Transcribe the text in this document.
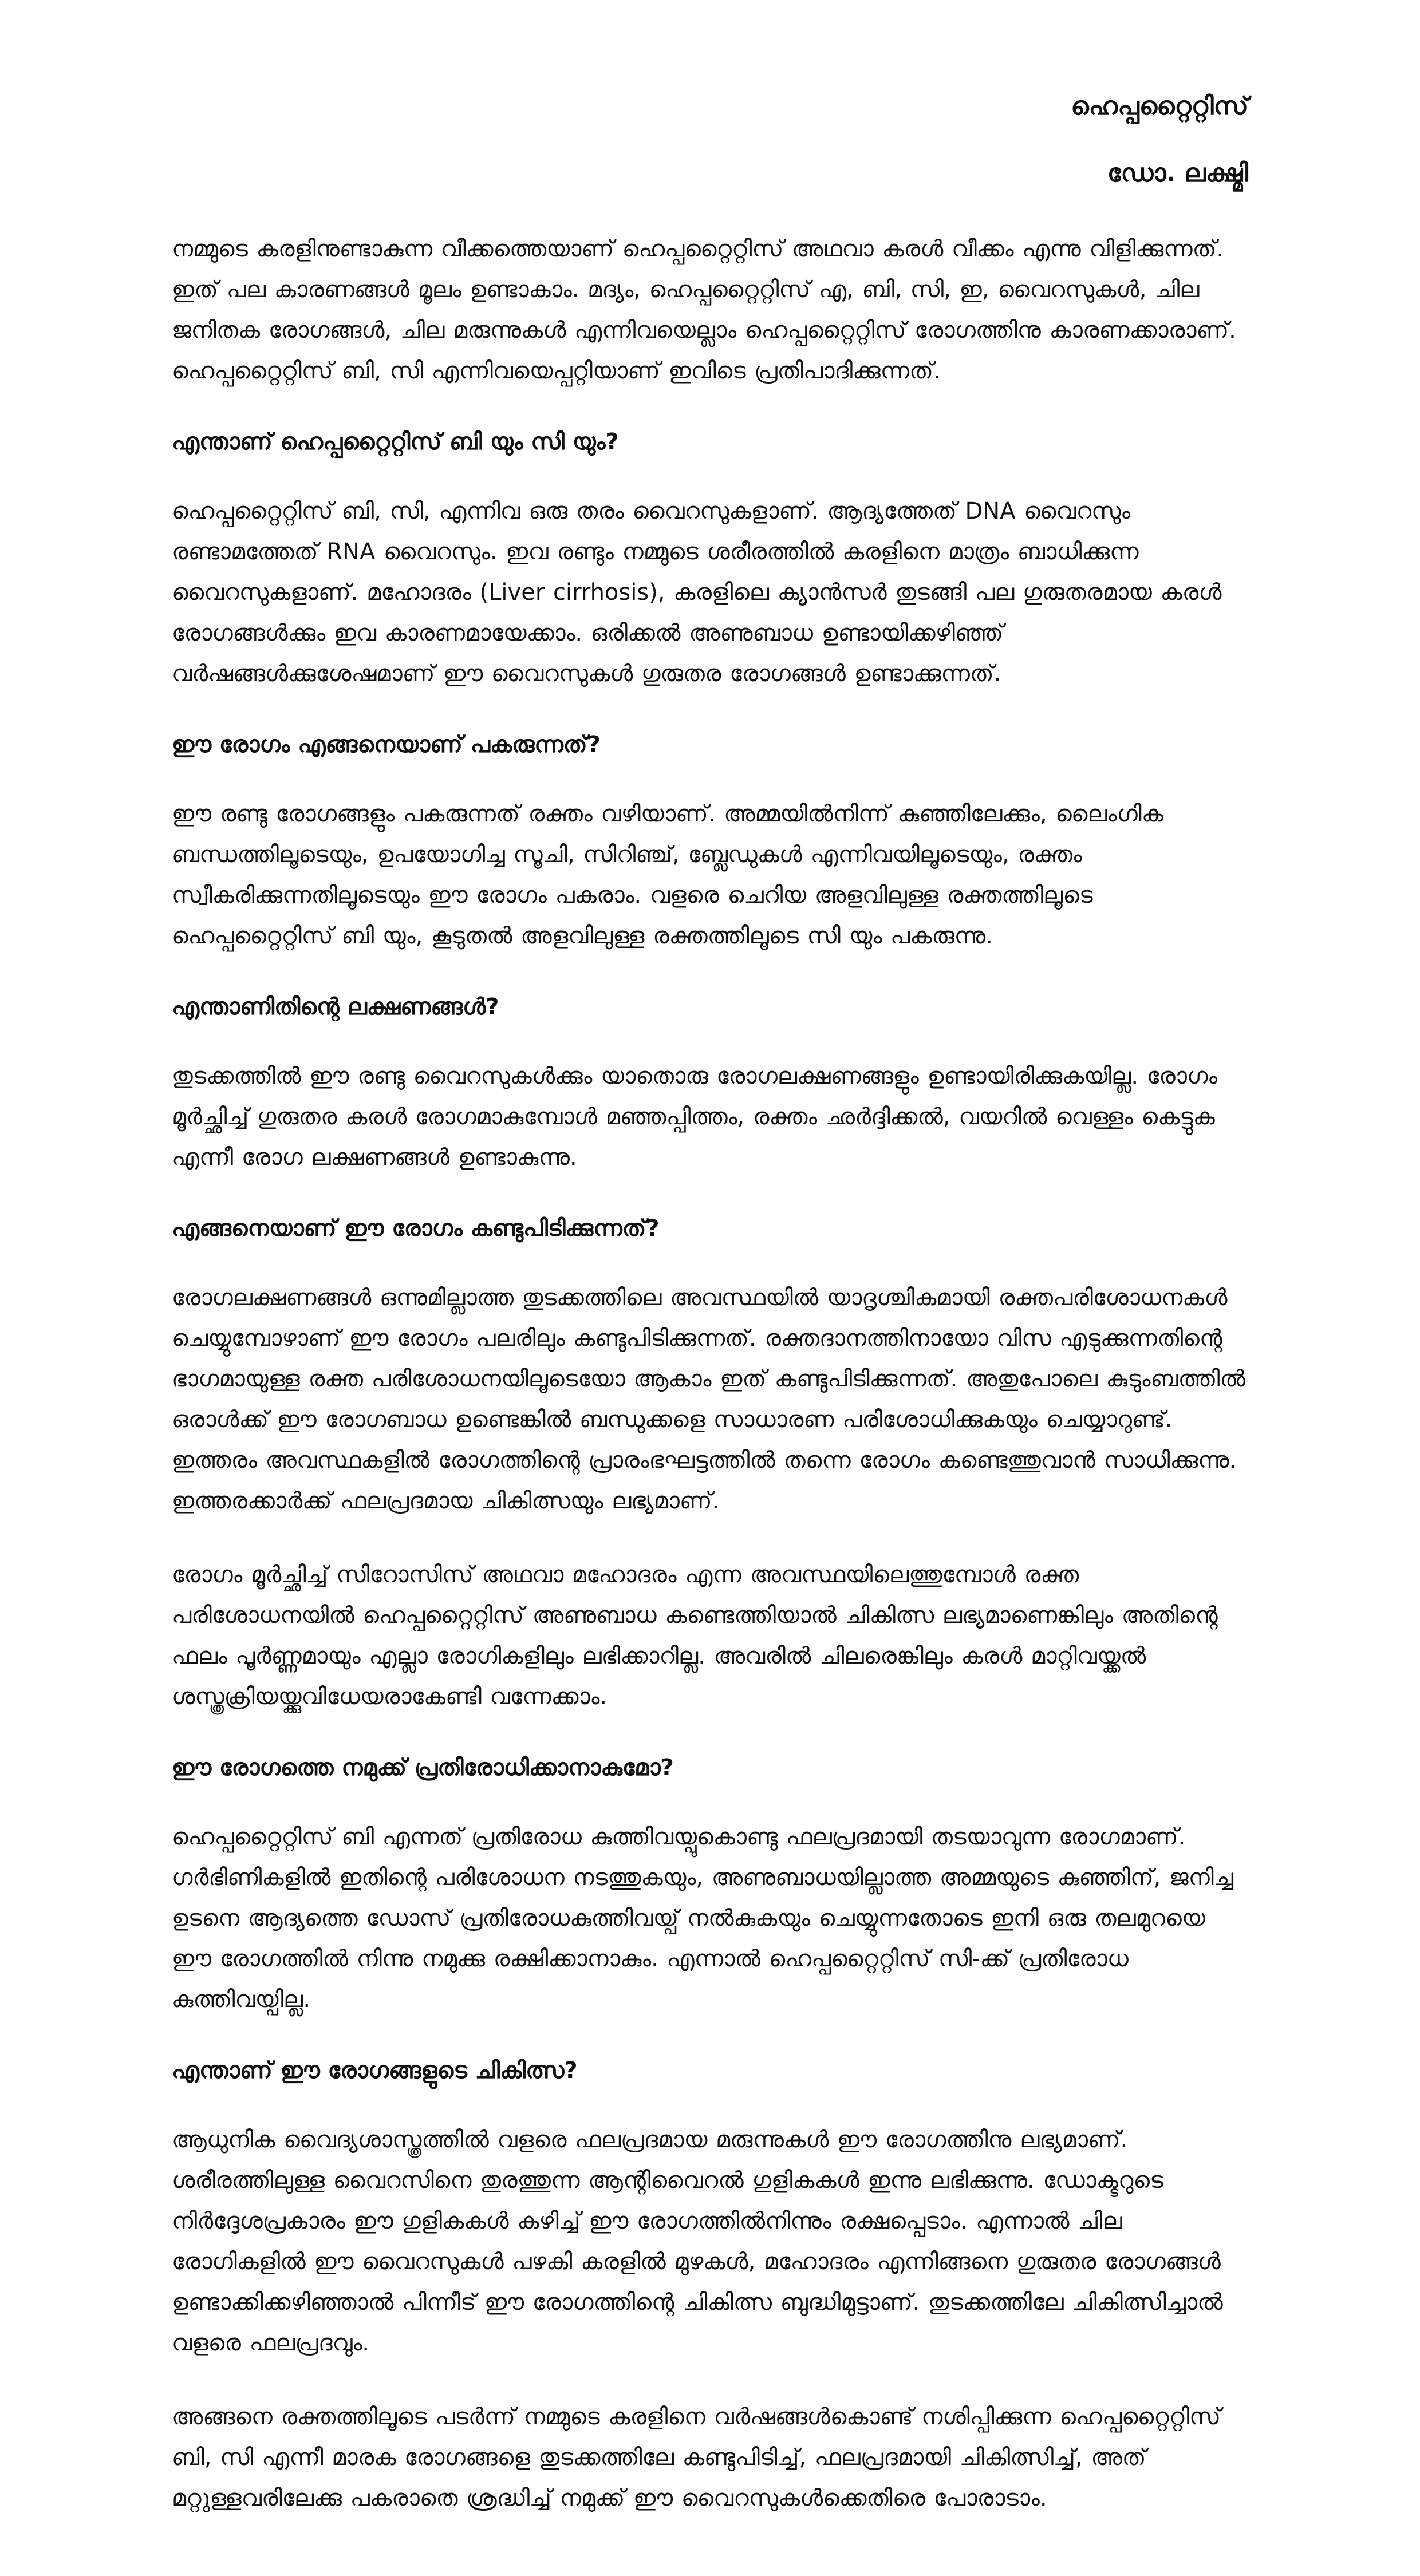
ഹെപ്പറ്റൈറ്റിസ്

ഡോ. ലക്ഷ്മി

നമ്മുടെ കരളിനുണ്ടാകുന്ന വീക്കത്തെയാണ് ഹെപ്പറ്റൈറ്റിസ് അഥവാ കരൾ വീക്കം എന്നു വിളിക്കുന്നത്. ഇത് പല കാരണങ്ങൾ മൂലം ഉണ്ടാകാം. മദ്യം, ഹെപ്പറ്റൈറ്റിസ് എ, ബി, സി, ഇ, വൈറസുകൾ, ചില ജനിതക രോഗങ്ങൾ, ചില മരുന്നുകൾ എന്നിവയെല്ലാം ഹെപ്പറ്റൈറ്റിസ് രോഗത്തിനു കാരണക്കാരാണ്. ഹെപ്പറ്റൈറ്റിസ് ബി, സി എന്നിവയെപ്പറ്റിയാണ് ഇവിടെ പ്രതിപാദിക്കുന്നത്.

എന്താണ് ഹെപ്പറ്റൈറ്റിസ് ബി യും സി യും?

ഹെപ്പറ്റൈറ്റിസ് ബി, സി, എന്നിവ ഒരു തരം വൈറസുകളാണ്. ആദ്യത്തേത് DNA വൈറസും രണ്ടാമത്തേത് RNA വൈറസും. ഇവ രണ്ടും നമ്മുടെ ശരീരത്തിൽ കരളിനെ മാത്രം ബാധിക്കുന്ന വൈറസുകളാണ്. മഹോദരം (Liver cirrhosis), കരളിലെ ക്യാൻസർ തുടങ്ങി പല ഗുരുതരമായ കരൾ രോഗങ്ങൾക്കും ഇവ കാരണമായേക്കാം. ഒരിക്കൽ അണുബാധ ഉണ്ടായിക്കഴിഞ്ഞ് വർഷങ്ങൾക്കുശേഷമാണ് ഈ വൈറസുകൾ ഗുരുതര രോഗങ്ങൾ ഉണ്ടാക്കുന്നത്.

ഈ രോഗം എങ്ങനെയാണ് പകരുന്നത്?

ഈ രണ്ടു രോഗങ്ങളും പകരുന്നത് രക്തം വഴിയാണ്. അമ്മയിൽനിന്ന് കുഞ്ഞിലേക്കും, ലൈംഗിക ബന്ധത്തിലൂടെയും, ഉപയോഗിച്ച സൂചി, സിറിഞ്ച്, ബ്ലേഡുകൾ എന്നിവയിലൂടെയും, രക്തം സ്വീകരിക്കുന്നതിലൂടെയും ഈ രോഗം പകരാം. വളരെ ചെറിയ അളവിലുള്ള രക്തത്തിലൂടെ ഹെപ്പറ്റൈറ്റിസ് ബി യും, കൂടുതൽ അളവിലുള്ള രക്തത്തിലൂടെ സി യും പകരുന്നു.

എന്താണിതിന്റെ ലക്ഷണങ്ങൾ?

തുടക്കത്തിൽ ഈ രണ്ടു വൈറസുകൾക്കും യാതൊരു രോഗലക്ഷണങ്ങളും ഉണ്ടായിരിക്കുകയില്ല. രോഗം മൂർച്ഛിച്ച് ഗുരുതര കരൾ രോഗമാകുമ്പോൾ മഞ്ഞപ്പിത്തം, രക്തം ഛർദ്ദിക്കൽ, വയറിൽ വെള്ളം കെട്ടുക എന്നീ രോഗ ലക്ഷണങ്ങൾ ഉണ്ടാകുന്നു.

എങ്ങനെയാണ് ഈ രോഗം കണ്ടുപിടിക്കുന്നത്?

രോഗലക്ഷണങ്ങൾ ഒന്നുമില്ലാത്ത തുടക്കത്തിലെ അവസ്ഥയിൽ യാദൃശ്ചികമായി രക്തപരിശോധനകൾ ചെയ്യുമ്പോഴാണ് ഈ രോഗം പലരിലും കണ്ടുപിടിക്കുന്നത്. രക്തദാനത്തിനായോ വിസ എടുക്കുന്നതിന്റെ ഭാഗമായുള്ള രക്ത പരിശോധനയിലൂടെയോ ആകാം ഇത് കണ്ടുപിടിക്കുന്നത്. അതുപോലെ കുടുംബത്തിൽ ഒരാൾക്ക് ഈ രോഗബാധ ഉണ്ടെങ്കിൽ ബന്ധുക്കളെ സാധാരണ പരിശോധിക്കുകയും ചെയ്യാറുണ്ട്. ഇത്തരം അവസ്ഥകളിൽ രോഗത്തിന്റെ പ്രാരംഭഘട്ടത്തിൽ തന്നെ രോഗം കണ്ടെത്തുവാൻ സാധിക്കുന്നു. ഇത്തരക്കാർക്ക് ഫലപ്രദമായ ചികിത്സയും ലഭ്യമാണ്.

രോഗം മൂർച്ഛിച്ച് സിറോസിസ് അഥവാ മഹോദരം എന്ന അവസ്ഥയിലെത്തുമ്പോൾ രക്ത പരിശോധനയിൽ ഹെപ്പറ്റൈറ്റിസ് അണുബാധ കണ്ടെത്തിയാൽ ചികിത്സ ലഭ്യമാണെങ്കിലും അതിന്റെ ഫലം പൂർണ്ണമായും എല്ലാ രോഗികളിലും ലഭിക്കാറില്ല. അവരിൽ ചിലരെങ്കിലും കരൾ മാറ്റിവയ്ക്കൽ ശസ്ത്രക്രിയയ്ക്കുവിധേയരാകേണ്ടി വന്നേക്കാം.

ഈ രോഗത്തെ നമുക്ക് പ്രതിരോധിക്കാനാകുമോ?

ഹെപ്പറ്റൈറ്റിസ് ബി എന്നത് പ്രതിരോധ കുത്തിവയ്പുകൊണ്ടു ഫലപ്രദമായി തടയാവുന്ന രോഗമാണ്. ഗർഭിണികളിൽ ഇതിന്റെ പരിശോധന നടത്തുകയും, അണുബാധയില്ലാത്ത അമ്മയുടെ കുഞ്ഞിന്, ജനിച്ച ഉടനെ ആദ്യത്തെ ഡോസ് പ്രതിരോധകുത്തിവയ്പ് നൽകുകയും ചെയ്യുന്നതോടെ ഇനി ഒരു തലമുറയെ ഈ രോഗത്തിൽ നിന്നു നമുക്കു രക്ഷിക്കാനാകും. എന്നാൽ ഹെപ്പറ്റൈറ്റിസ് സി-ക്ക് പ്രതിരോധ കുത്തിവയ്പില്ല.

എന്താണ് ഈ രോഗങ്ങളുടെ ചികിത്സ?

ആധുനിക വൈദ്യശാസ്ത്രത്തിൽ വളരെ ഫലപ്രദമായ മരുന്നുകൾ ഈ രോഗത്തിനു ലഭ്യമാണ്. ശരീരത്തിലുള്ള വൈറസിനെ തുരത്തുന്ന ആന്റിവൈറൽ ഗുളികകൾ ഇന്നു ലഭിക്കുന്നു. ഡോക്ടറുടെ നിർദ്ദേശപ്രകാരം ഈ ഗുളികകൾ കഴിച്ച് ഈ രോഗത്തിൽനിന്നും രക്ഷപ്പെടാം. എന്നാൽ ചില രോഗികളിൽ ഈ വൈറസുകൾ പഴകി കരളിൽ മുഴകൾ, മഹോദരം എന്നിങ്ങനെ ഗുരുതര രോഗങ്ങൾ ഉണ്ടാക്കിക്കഴിഞ്ഞാൽ പിന്നീട് ഈ രോഗത്തിന്റെ ചികിത്സ ബുദ്ധിമുട്ടാണ്. തുടക്കത്തിലേ ചികിത്സിച്ചാൽ വളരെ ഫലപ്രദവും.

അങ്ങനെ രക്തത്തിലൂടെ പടർന്ന് നമ്മുടെ കരളിനെ വർഷങ്ങൾകൊണ്ട് നശിപ്പിക്കുന്ന ഹെപ്പറ്റൈറ്റിസ് ബി, സി എന്നീ മാരക രോഗങ്ങളെ തുടക്കത്തിലേ കണ്ടുപിടിച്ച്, ഫലപ്രദമായി ചികിത്സിച്ച്, അത് മറ്റുള്ളവരിലേക്കു പകരാതെ ശ്രദ്ധിച്ച് നമുക്ക് ഈ വൈറസുകൾക്കെതിരെ പോരാടാം.
